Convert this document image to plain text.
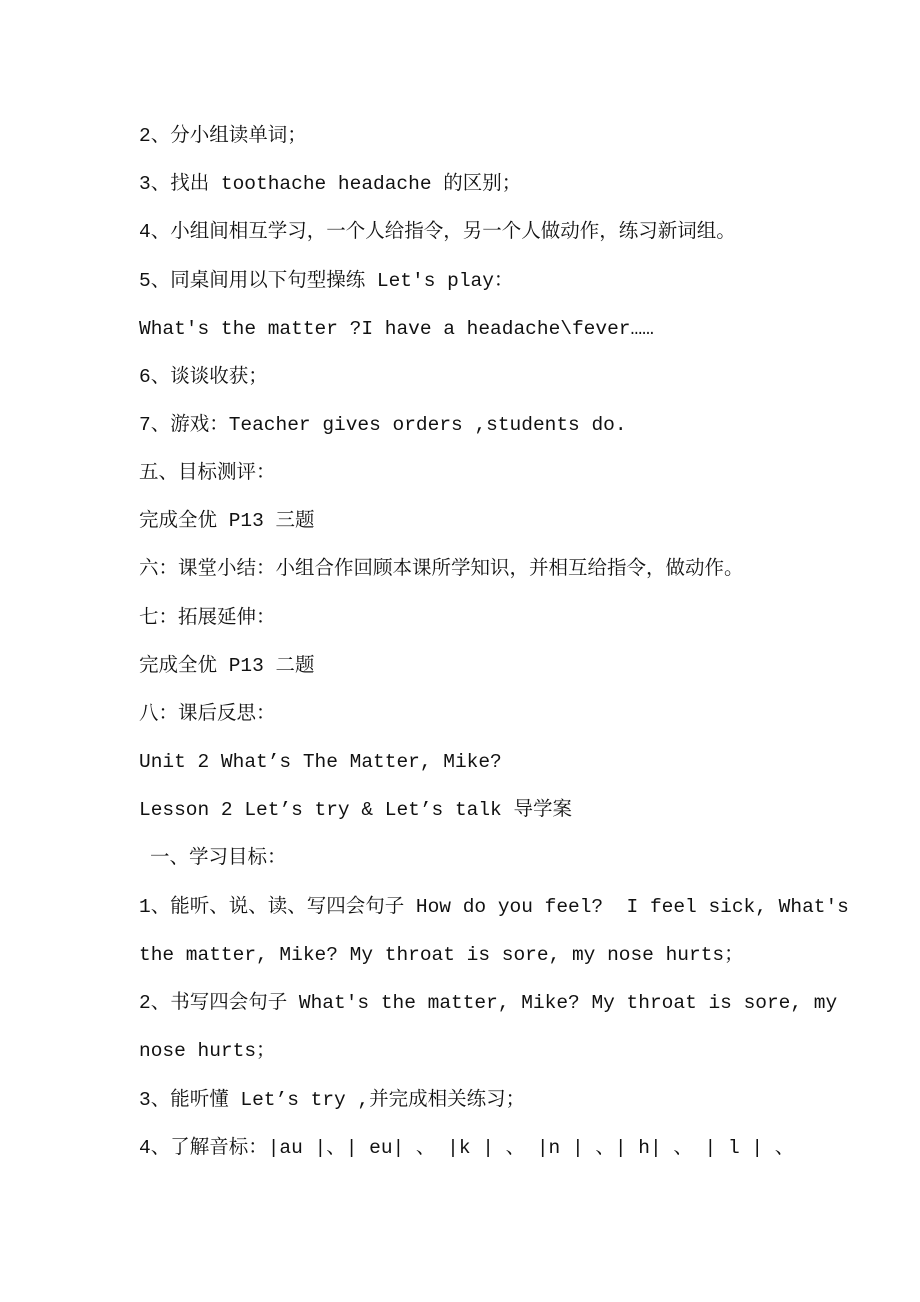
2、分小组读单词；
3、找出 toothache headache 的区别；
4、小组间相互学习，一个人给指令，另一个人做动作，练习新词组。
5、同桌间用以下句型操练 Let's play：
What's the matter ?I have a headache\fever……
6、谈谈收获；
7、游戏：Teacher gives orders ,students do.
五、目标测评：
完成全优 P13 三题
六：课堂小结：小组合作回顾本课所学知识，并相互给指令，做动作。
七：拓展延伸：
完成全优 P13 二题
八：课后反思：
Unit 2 What’s The Matter, Mike?
Lesson 2 Let’s try & Let’s talk 导学案
一、学习目标：
1、能听、说、读、写四会句子 How do you feel?  I feel sick, What's
the matter, Mike? My throat is sore, my nose hurts；
2、书写四会句子 What's the matter, Mike? My throat is sore, my
nose hurts；
3、能听懂 Let’s try ,并完成相关练习；
4、了解音标：|au |、| eu| 、 |k | 、 |n | 、| h| 、 | l | 、
